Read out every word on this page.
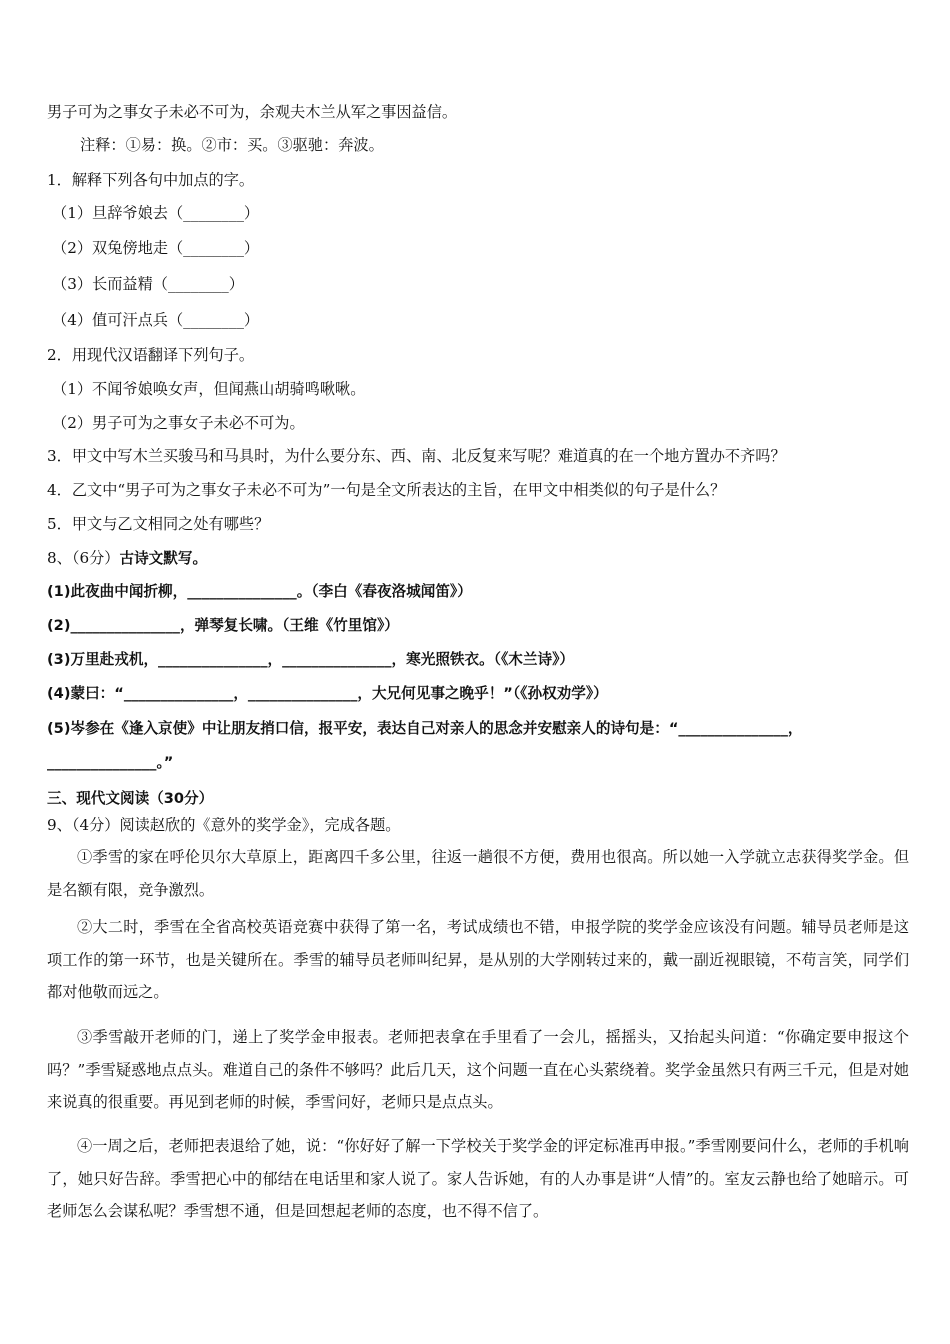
男子可为之事女子未必不可为，余观夫木兰从军之事因益信。
注释：①易：换。②市：买。③驱驰：奔波。
1．解释下列各句中加点的字。
（1）旦辞爷娘去（________）
（2）双兔傍地走（________）
（3）长而益精（________）
（4）值可汗点兵（________）
2．用现代汉语翻译下列句子。
（1）不闻爷娘唤女声，但闻燕山胡骑鸣啾啾。
（2）男子可为之事女子未必不可为。
3．甲文中写木兰买骏马和马具时，为什么要分东、西、南、北反复来写呢？难道真的在一个地方置办不齐吗？
4．乙文中“男子可为之事女子未必不可为”一句是全文所表达的主旨，在甲文中相类似的句子是什么？
5．甲文与乙文相同之处有哪些？
8、（6分）古诗文默写。
(1)此夜曲中闻折柳，_______________。（李白《春夜洛城闻笛》）
(2)_______________，弹琴复长啸。（王维《竹里馆》）
(3)万里赴戎机，_______________，_______________，寒光照铁衣。（《木兰诗》）
(4)蒙曰：“_______________，_______________，大兄何见事之晚乎！”（《孙权劝学》）
(5)岑参在《逢入京使》中让朋友捎口信，报平安，表达自己对亲人的思念并安慰亲人的诗句是：“_______________，
_______________。”
三、现代文阅读（30分）
9、（4分）阅读赵欣的《意外的奖学金》，完成各题。
①季雪的家在呼伦贝尔大草原上，距离四千多公里，往返一趟很不方便，费用也很高。所以她一入学就立志获得奖学金。但是名额有限，竞争激烈。
②大二时，季雪在全省高校英语竞赛中获得了第一名，考试成绩也不错，申报学院的奖学金应该没有问题。辅导员老师是这项工作的第一环节，也是关键所在。季雪的辅导员老师叫纪昇，是从别的大学刚转过来的，戴一副近视眼镜，不苟言笑，同学们都对他敬而远之。
③季雪敲开老师的门，递上了奖学金申报表。老师把表拿在手里看了一会儿，摇摇头，又抬起头问道：“你确定要申报这个吗？”季雪疑惑地点点头。难道自己的条件不够吗？此后几天，这个问题一直在心头萦绕着。奖学金虽然只有两三千元，但是对她来说真的很重要。再见到老师的时候，季雪问好，老师只是点点头。
④一周之后，老师把表退给了她，说：“你好好了解一下学校关于奖学金的评定标准再申报。”季雪刚要问什么，老师的手机响了，她只好告辞。季雪把心中的郁结在电话里和家人说了。家人告诉她，有的人办事是讲“人情”的。室友云静也给了她暗示。可老师怎么会谋私呢？季雪想不通，但是回想起老师的态度，也不得不信了。
